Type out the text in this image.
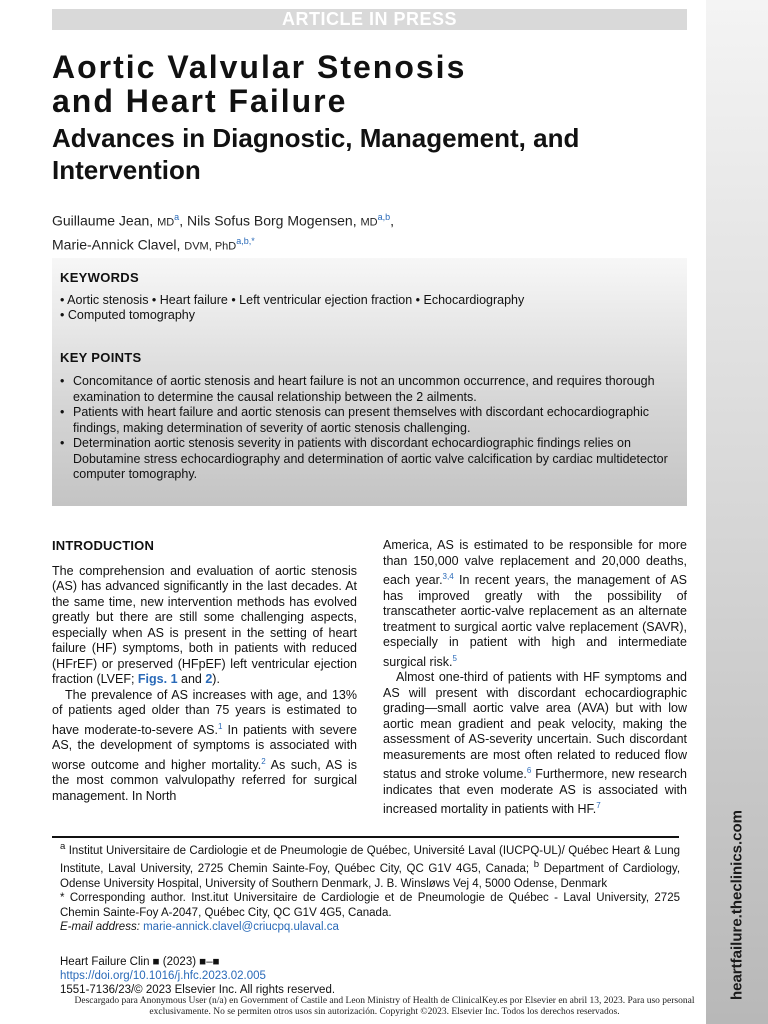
ARTICLE IN PRESS
heartfailure.theclinics.com
Aortic Valvular Stenosis
and Heart Failure
Advances in Diagnostic, Management, and
Intervention
Guillaume Jean, $MD^a$, Nils Sofus Borg Mogensen, MD$^{a,b}$,
Marie-Annick Clavel, DVM, PhD$^{a,b,*}$
KEYWORDS
• Aortic stenosis • Heart failure • Left ventricular ejection fraction • Echocardiography
• Computed tomography
KEY POINTS
• Concomitance of aortic stenosis and heart failure is not an uncommon occurrence, and requires thorough examination to determine the causal relationship between the 2 ailments.
• Patients with heart failure and aortic stenosis can present themselves with discordant echocardiographic findings, making determination of severity of aortic stenosis challenging.
• Determination aortic stenosis severity in patients with discordant echocardiographic findings relies on Dobutamine stress echocardiography and determination of aortic valve calcification by cardiac multidetector computer tomography.
INTRODUCTION

The comprehension and evaluation of aortic stenosis (AS) has advanced significantly in the last decades. At the same time, new intervention methods has evolved greatly but there are still some challenging aspects, especially when AS is present in the setting of heart failure (HF) symptoms, both in patients with reduced (HFrEF) or preserved (HFpEF) left ventricular ejection fraction (LVEF; Figs. 1 and 2).

The prevalence of AS increases with age, and 13% of patients aged older than 75 years is estimated to have moderate-to-severe AS.$^1$ In patients with severe AS, the development of symptoms is associated with worse outcome and higher mortality.$^2$ As such, AS is the most common valvulopathy referred for surgical management. In North

America, AS is estimated to be responsible for more than 150,000 valve replacement and 20,000 deaths, each year.$^{3,4}$ In recent years, the management of AS has improved greatly with the possibility of transcatheter aortic-valve replacement as an alternate treatment to surgical aortic valve replacement (SAVR), especially in patient with high and intermediate surgical risk.$^5$

Almost one-third of patients with HF symptoms and AS will present with discordant echocardiographic grading—small aortic valve area (AVA) but with low aortic mean gradient and peak velocity, making the assessment of AS-severity uncertain. Such discordant measurements are most often related to reduced flow status and stroke volume.$^6$ Furthermore, new research indicates that even moderate AS is associated with increased mortality in patients with HF.$^7$

$^a$ Institut Universitaire de Cardiologie et de Pneumologie de Québec, Université Laval (IUCPQ-UL)/ Québec Heart & Lung Institute, Laval University, 2725 Chemin Sainte-Foy, Québec City, QC G1V 4G5, Canada; $^b$ Department of Cardiology, Odense University Hospital, University of Southern Denmark, J. B. Winsløws Vej 4, 5000 Odense, Denmark

* Corresponding author. Inst.itut Universitaire de Cardiologie et de Pneumologie de Québec - Laval University, 2725 Chemin Sainte-Foy A-2047, Québec City, QC G1V 4G5, Canada.

E-mail address: marie-annick.clavel@criucpq.ulaval.ca

Heart Failure Clin ■ (2023) ■–■
https://doi.org/10.1016/j.hfc.2023.02.005
1551-7136/23/© 2023 Elsevier Inc. All rights reserved.
Descargado para Anonymous User (n/a) en Government of Castile and Leon Ministry of Health de ClinicalKey.es por Elsevier en abril 13, 2023. Para uso personal exclusivamente. No se permiten otros usos sin autorización. Copyright ©2023. Elsevier Inc. Todos los derechos reservados.
